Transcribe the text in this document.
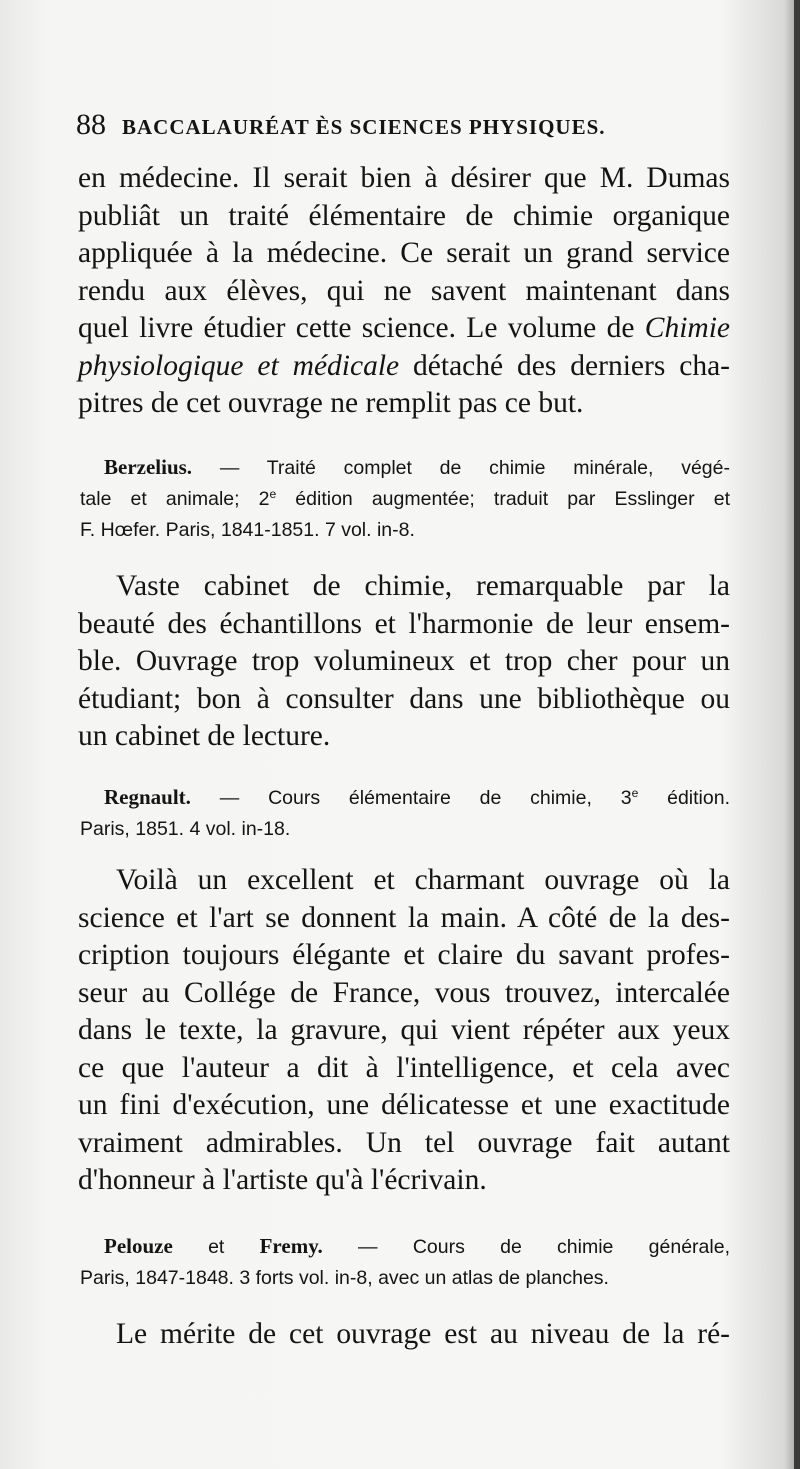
88 BACCALAURÉAT ÈS SCIENCES PHYSIQUES.
en médecine. Il serait bien à désirer que M. Dumas
publiât un traité élémentaire de chimie organique
appliquée à la médecine. Ce serait un grand service
rendu aux élèves, qui ne savent maintenant dans
quel livre étudier cette science. Le volume de Chimie
physiologique et médicale détaché des derniers cha-
pitres de cet ouvrage ne remplit pas ce but.
Berzelius. — Traité complet de chimie minérale, végé-
tale et animale; 2e édition augmentée; traduit par Esslinger et
F. Hœfer. Paris, 1841-1851. 7 vol. in-8.
Vaste cabinet de chimie, remarquable par la
beauté des échantillons et l'harmonie de leur ensem-
ble. Ouvrage trop volumineux et trop cher pour un
étudiant; bon à consulter dans une bibliothèque ou
un cabinet de lecture.
Regnault. — Cours élémentaire de chimie, 3e édition.
Paris, 1851. 4 vol. in-18.
Voilà un excellent et charmant ouvrage où la
science et l'art se donnent la main. A côté de la des-
cription toujours élégante et claire du savant profes-
seur au Collége de France, vous trouvez, intercalée
dans le texte, la gravure, qui vient répéter aux yeux
ce que l'auteur a dit à l'intelligence, et cela avec
un fini d'exécution, une délicatesse et une exactitude
vraiment admirables. Un tel ouvrage fait autant
d'honneur à l'artiste qu'à l'écrivain.
Pelouze et Fremy. — Cours de chimie générale,
Paris, 1847-1848. 3 forts vol. in-8, avec un atlas de planches.
Le mérite de cet ouvrage est au niveau de la ré-
